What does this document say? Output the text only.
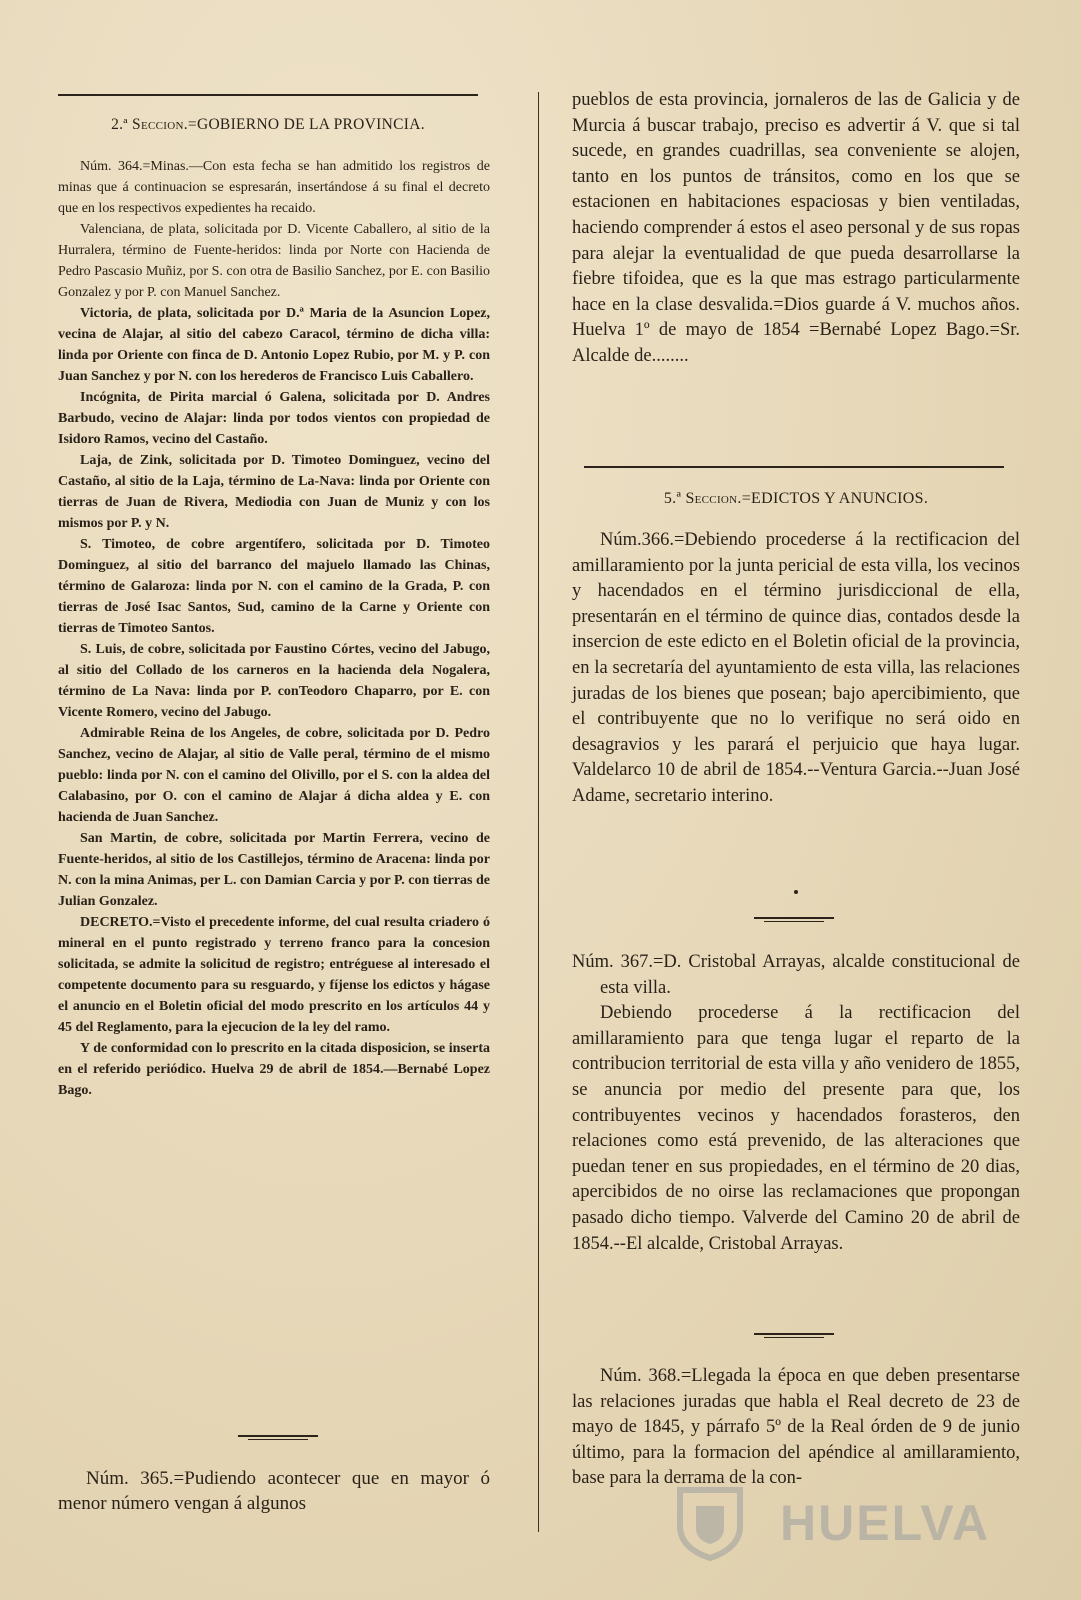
2.ª Seccion.=GOBIERNO DE LA PROVINCIA.

Núm. 364.=Minas.—Con esta fecha se han admitido los registros de minas que á continuacion se espresarán, insertándose á su final el decreto que en los respectivos expedientes ha recaido.

Valenciana, de plata, solicitada por D. Vicente Caballero, al sitio de la Hurralera, término de Fuente-heridos: linda por Norte con Hacienda de Pedro Pascasio Muñiz, por S. con otra de Basilio Sanchez, por E. con Basilio Gonzalez y por P. con Manuel Sanchez.

Victoria, de plata, solicitada por D.ª Maria de la Asuncion Lopez, vecina de Alajar, al sitio del cabezo Caracol, término de dicha villa: linda por Oriente con finca de D. Antonio Lopez Rubio, por M. y P. con Juan Sanchez y por N. con los herederos de Francisco Luis Caballero.

Incógnita, de Pirita marcial ó Galena, solicitada por D. Andres Barbudo, vecino de Alajar: linda por todos vientos con propiedad de Isidoro Ramos, vecino del Castaño.

Laja, de Zink, solicitada por D. Timoteo Dominguez, vecino del Castaño, al sitio de la Laja, término de La-Nava: linda por Oriente con tierras de Juan de Rivera, Mediodia con Juan de Muniz y con los mismos por P. y N.

S. Timoteo, de cobre argentífero, solicitada por D. Timoteo Dominguez, al sitio del barranco del majuelo llamado las Chinas, término de Galaroza: linda por N. con el camino de la Grada, P. con tierras de José Isac Santos, Sud, camino de la Carne y Oriente con tierras de Timoteo Santos.

S. Luis, de cobre, solicitada por Faustino Córtes, vecino del Jabugo, al sitio del Collado de los carneros en la hacienda dela Nogalera, término de La Nava: linda por P. conTeodoro Chaparro, por E. con Vicente Romero, vecino del Jabugo.

Admirable Reina de los Angeles, de cobre, solicitada por D. Pedro Sanchez, vecino de Alajar, al sitio de Valle peral, término de el mismo pueblo: linda por N. con el camino del Olivillo, por el S. con la aldea del Calabasino, por O. con el camino de Alajar á dicha aldea y E. con hacienda de Juan Sanchez.

San Martin, de cobre, solicitada por Martin Ferrera, vecino de Fuente-heridos, al sitio de los Castillejos, término de Aracena: linda por N. con la mina Animas, per L. con Damian Carcia y por P. con tierras de Julian Gonzalez.

DECRETO.=Visto el precedente informe, del cual resulta criadero ó mineral en el punto registrado y terreno franco para la concesion solicitada, se admite la solicitud de registro; entréguese al interesado el competente documento para su resguardo, y fíjense los edictos y hágase el anuncio en el Boletin oficial del modo prescrito en los artículos 44 y 45 del Reglamento, para la ejecucion de la ley del ramo.

Y de conformidad con lo prescrito en la citada disposicion, se inserta en el referido periódico. Huelva 29 de abril de 1854.—Bernabé Lopez Bago.

Núm. 365.=Pudiendo acontecer que en mayor ó menor número vengan á algunos

pueblos de esta provincia, jornaleros de las de Galicia y de Murcia á buscar trabajo, preciso es advertir á V. que si tal sucede, en grandes cuadrillas, sea conveniente se alojen, tanto en los puntos de tránsitos, como en los que se estacionen en habitaciones espaciosas y bien ventiladas, haciendo comprender á estos el aseo personal y de sus ropas para alejar la eventualidad de que pueda desarrollarse la fiebre tifoidea, que es la que mas estrago particularmente hace en la clase desvalida.=Dios guarde á V. muchos años. Huelva 1º de mayo de 1854 =Bernabé Lopez Bago.=Sr. Alcalde de........

5.ª Seccion.=EDICTOS Y ANUNCIOS.

Núm.366.=Debiendo procederse á la rectificacion del amillaramiento por la junta pericial de esta villa, los vecinos y hacendados en el término jurisdiccional de ella, presentarán en el término de quince dias, contados desde la insercion de este edicto en el Boletin oficial de la provincia, en la secretaría del ayuntamiento de esta villa, las relaciones juradas de los bienes que posean; bajo apercibimiento, que el contribuyente que no lo verifique no será oido en desagravios y les parará el perjuicio que haya lugar. Valdelarco 10 de abril de 1854.--Ventura Garcia.--Juan José Adame, secretario interino.

Núm. 367.=D. Cristobal Arrayas, alcalde constitucional de esta villa.

Debiendo procederse á la rectificacion del amillaramiento para que tenga lugar el reparto de la contribucion territorial de esta villa y año venidero de 1855, se anuncia por medio del presente para que, los contribuyentes vecinos y hacendados forasteros, den relaciones como está prevenido, de las alteraciones que puedan tener en sus propiedades, en el término de 20 dias, apercibidos de no oirse las reclamaciones que propongan pasado dicho tiempo. Valverde del Camino 20 de abril de 1854.--El alcalde, Cristobal Arrayas.

Núm. 368.=Llegada la época en que deben presentarse las relaciones juradas que habla el Real decreto de 23 de mayo de 1845, y párrafo 5º de la Real órden de 9 de junio último, para la formacion del apéndice al amillaramiento, base para la derrama de la con-

HUELVA
